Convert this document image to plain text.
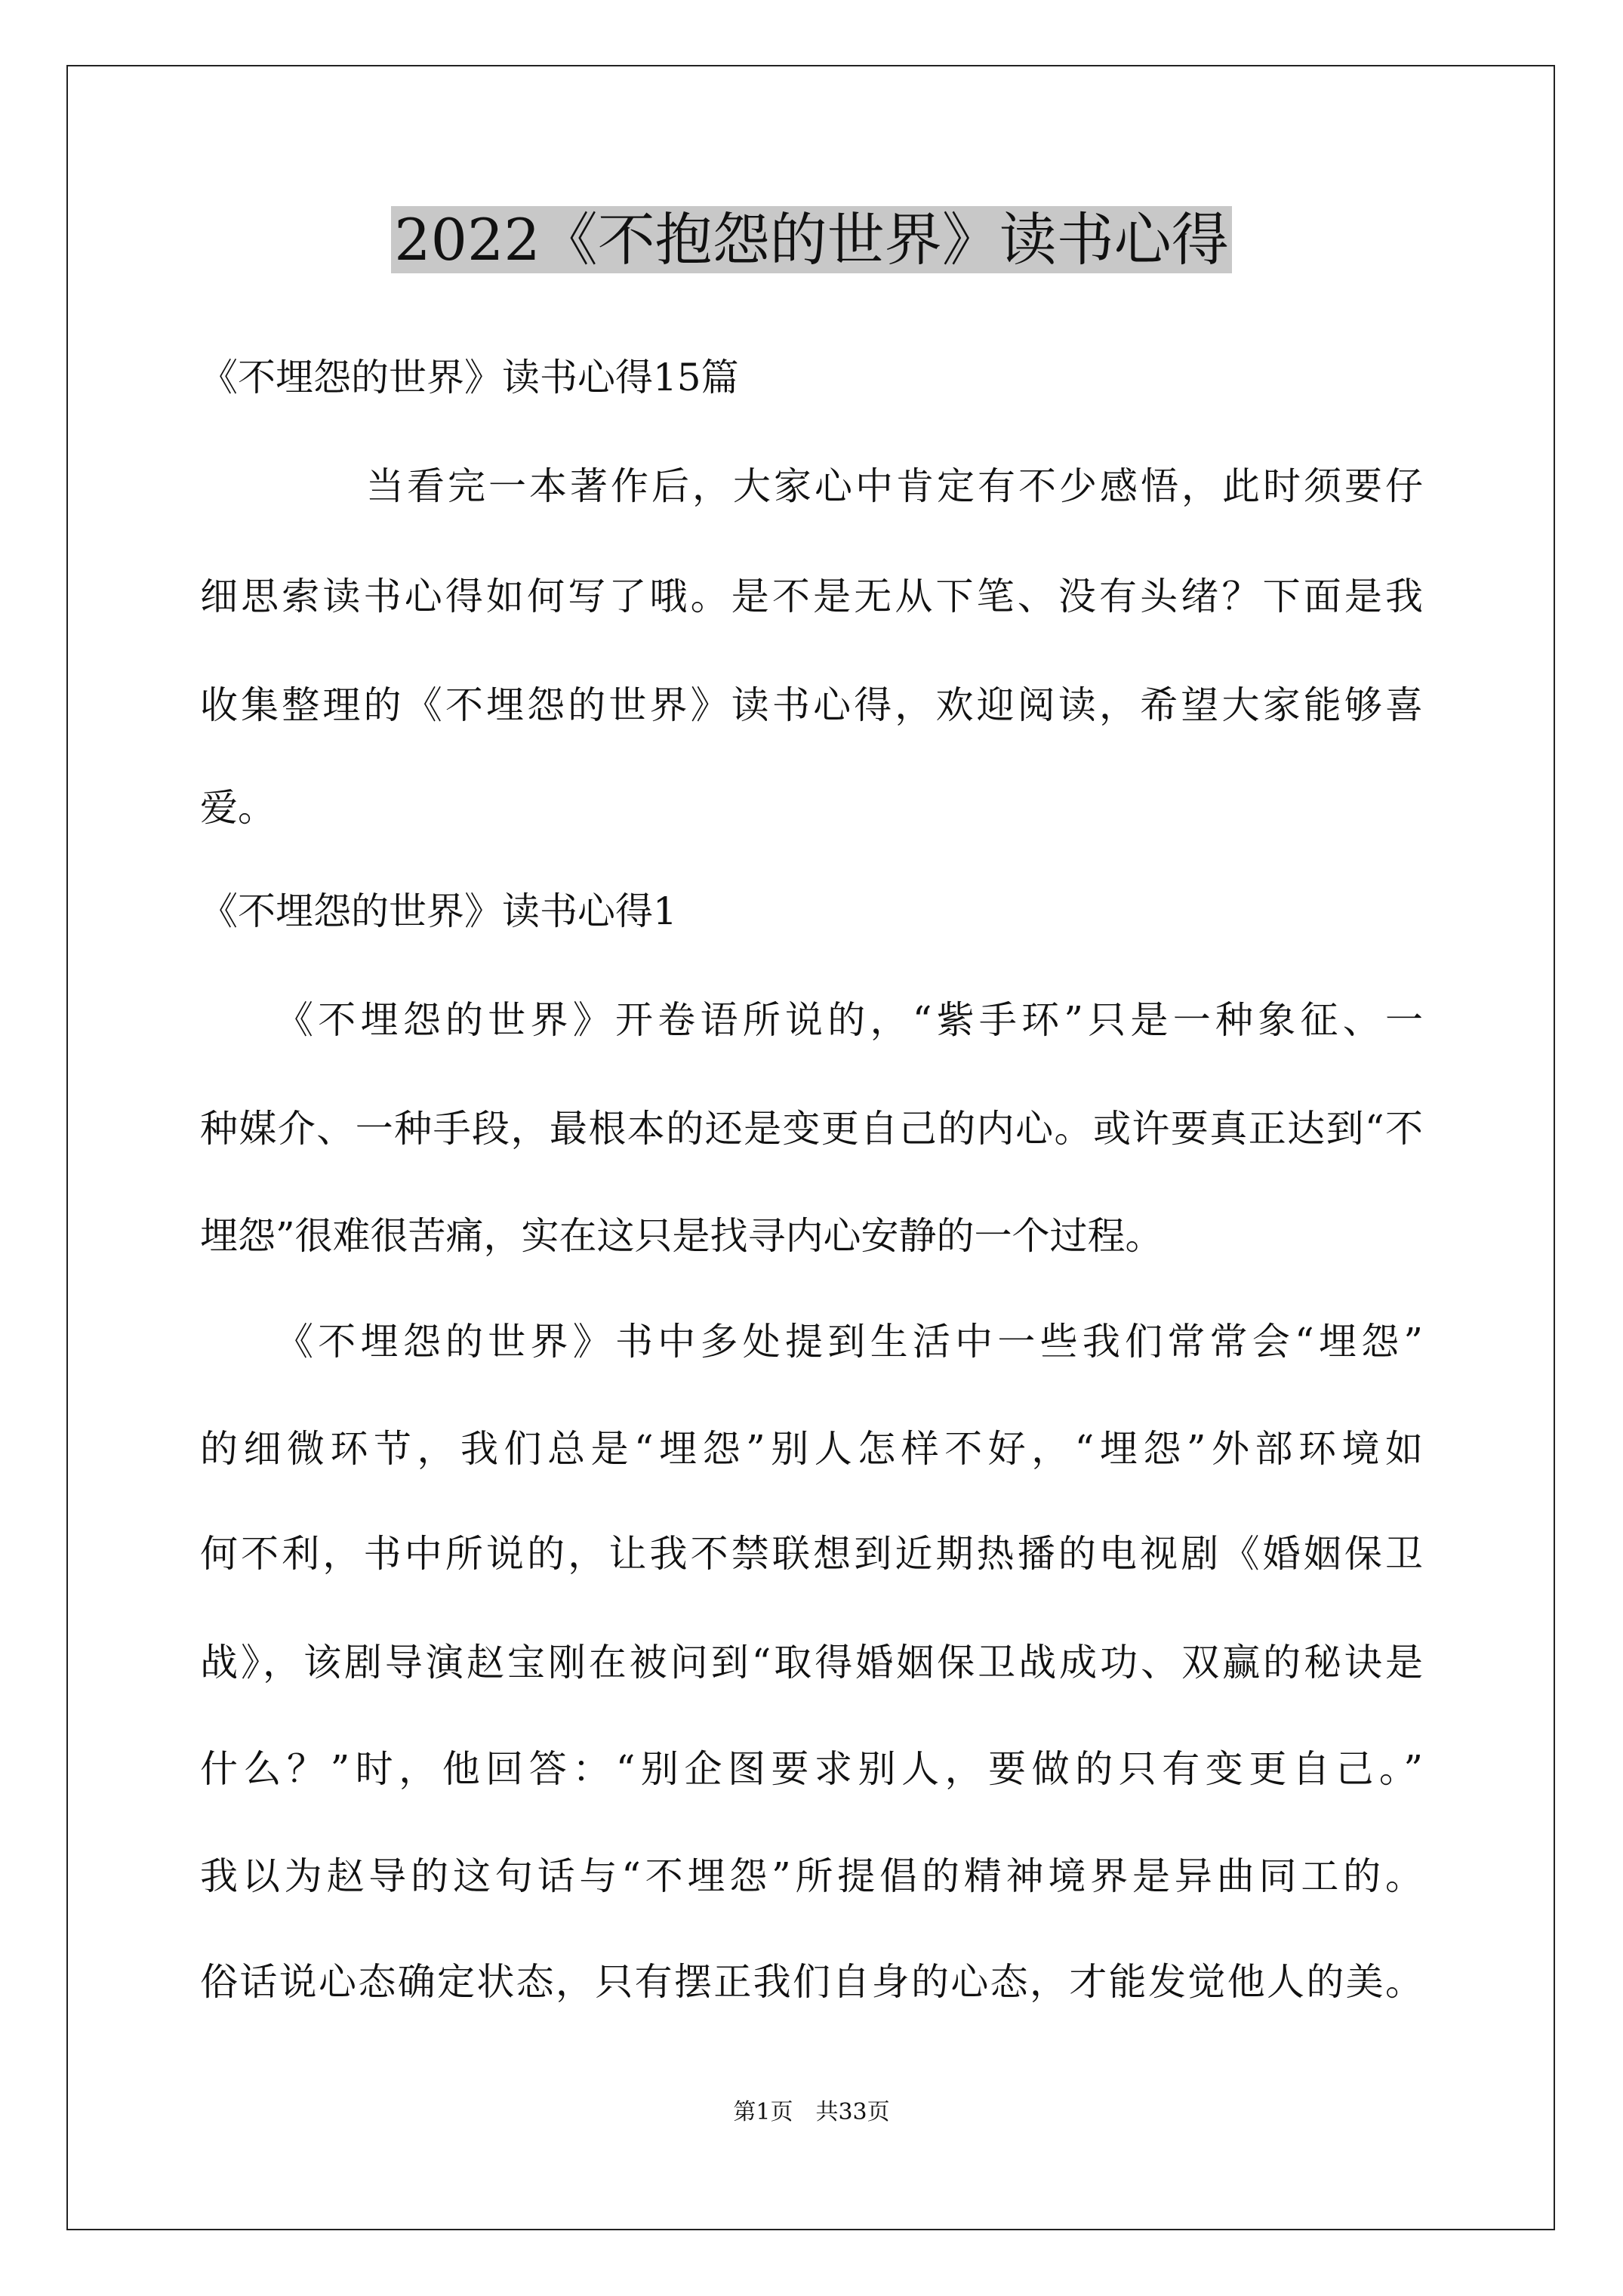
2022《不抱怨的世界》读书心得
《不埋怨的世界》读书心得15篇
当看完一本著作后，大家心中肯定有不少感悟，此时须要仔
细思索读书心得如何写了哦。是不是无从下笔、没有头绪？下面是我
收集整理的《不埋怨的世界》读书心得，欢迎阅读，希望大家能够喜
爱。
《不埋怨的世界》读书心得1
《不埋怨的世界》开卷语所说的，“紫手环”只是一种象征、一
种媒介、一种手段，最根本的还是变更自己的内心。或许要真正达到“不
埋怨”很难很苦痛，实在这只是找寻内心安静的一个过程。
《不埋怨的世界》书中多处提到生活中一些我们常常会“埋怨”
的细微环节，我们总是“埋怨”别人怎样不好，“埋怨”外部环境如
何不利，书中所说的，让我不禁联想到近期热播的电视剧《婚姻保卫
战》，该剧导演赵宝刚在被问到“取得婚姻保卫战成功、双赢的秘诀是
什么？”时，他回答：“别企图要求别人，要做的只有变更自己。”
我以为赵导的这句话与“不埋怨”所提倡的精神境界是异曲同工的。
俗话说心态确定状态，只有摆正我们自身的心态，才能发觉他人的美。
第1页　共33页
